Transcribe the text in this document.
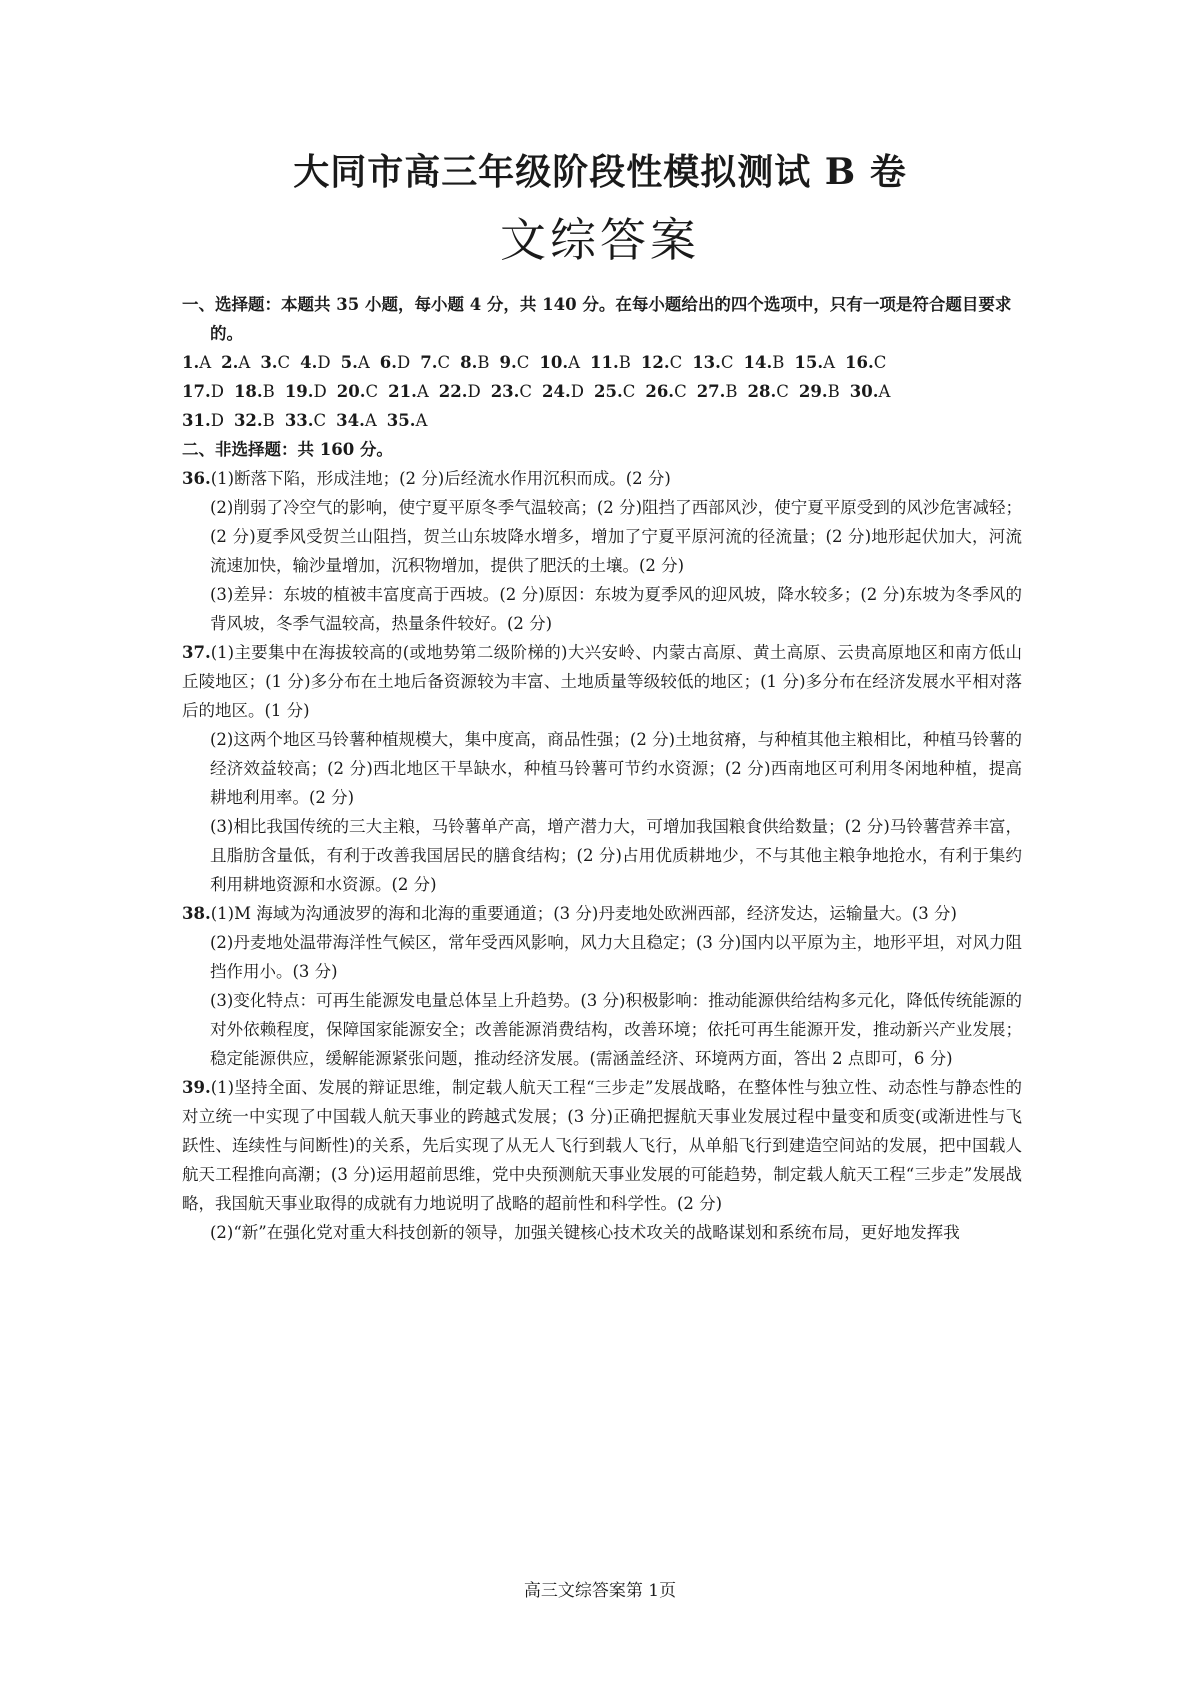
大同市高三年级阶段性模拟测试 B 卷
文综答案
一、选择题：本题共 35 小题，每小题 4 分，共 140 分。在每小题给出的四个选项中，只有一项是符合题目要求
的。
1.A 2.A 3.C 4.D 5.A 6.D 7.C 8.B 9.C 10.A 11.B 12.C 13.C 14.B 15.A 16.C
17.D 18.B 19.D 20.C 21.A 22.D 23.C 24.D 25.C 26.C 27.B 28.C 29.B 30.A
31.D 32.B 33.C 34.A 35.A
二、非选择题：共 160 分。
36.(1)断落下陷，形成洼地；(2 分)后经流水作用沉积而成。(2 分)
(2)削弱了冷空气的影响，使宁夏平原冬季气温较高；(2 分)阻挡了西部风沙，使宁夏平原受到的风沙危害减轻；(2 分)夏季风受贺兰山阻挡，贺兰山东坡降水增多，增加了宁夏平原河流的径流量；(2 分)地形起伏加大，河流流速加快，输沙量增加，沉积物增加，提供了肥沃的土壤。(2 分)
(3)差异：东坡的植被丰富度高于西坡。(2 分)原因：东坡为夏季风的迎风坡，降水较多；(2 分)东坡为冬季风的背风坡，冬季气温较高，热量条件较好。(2 分)
37.(1)主要集中在海拔较高的(或地势第二级阶梯的)大兴安岭、内蒙古高原、黄土高原、云贵高原地区和南方低山丘陵地区；(1 分)多分布在土地后备资源较为丰富、土地质量等级较低的地区；(1 分)多分布在经济发展水平相对落后的地区。(1 分)
(2)这两个地区马铃薯种植规模大，集中度高，商品性强；(2 分)土地贫瘠，与种植其他主粮相比，种植马铃薯的经济效益较高；(2 分)西北地区干旱缺水，种植马铃薯可节约水资源；(2 分)西南地区可利用冬闲地种植，提高耕地利用率。(2 分)
(3)相比我国传统的三大主粮，马铃薯单产高，增产潜力大，可增加我国粮食供给数量；(2 分)马铃薯营养丰富，且脂肪含量低，有利于改善我国居民的膳食结构；(2 分)占用优质耕地少，不与其他主粮争地抢水，有利于集约利用耕地资源和水资源。(2 分)
38.(1)M 海域为沟通波罗的海和北海的重要通道；(3 分)丹麦地处欧洲西部，经济发达，运输量大。(3 分)
(2)丹麦地处温带海洋性气候区，常年受西风影响，风力大且稳定；(3 分)国内以平原为主，地形平坦，对风力阻挡作用小。(3 分)
(3)变化特点：可再生能源发电量总体呈上升趋势。(3 分)积极影响：推动能源供给结构多元化，降低传统能源的对外依赖程度，保障国家能源安全；改善能源消费结构，改善环境；依托可再生能源开发，推动新兴产业发展；稳定能源供应，缓解能源紧张问题，推动经济发展。(需涵盖经济、环境两方面，答出 2 点即可，6 分)
39.(1)坚持全面、发展的辩证思维，制定载人航天工程“三步走”发展战略，在整体性与独立性、动态性与静态性的对立统一中实现了中国载人航天事业的跨越式发展；(3 分)正确把握航天事业发展过程中量变和质变(或渐进性与飞跃性、连续性与间断性)的关系，先后实现了从无人飞行到载人飞行，从单船飞行到建造空间站的发展，把中国载人航天工程推向高潮；(3 分)运用超前思维，党中央预测航天事业发展的可能趋势，制定载人航天工程“三步走”发展战略，我国航天事业取得的成就有力地说明了战略的超前性和科学性。(2 分)
(2)“新”在强化党对重大科技创新的领导，加强关键核心技术攻关的战略谋划和系统布局，更好地发挥我
高三文综答案第 1页
